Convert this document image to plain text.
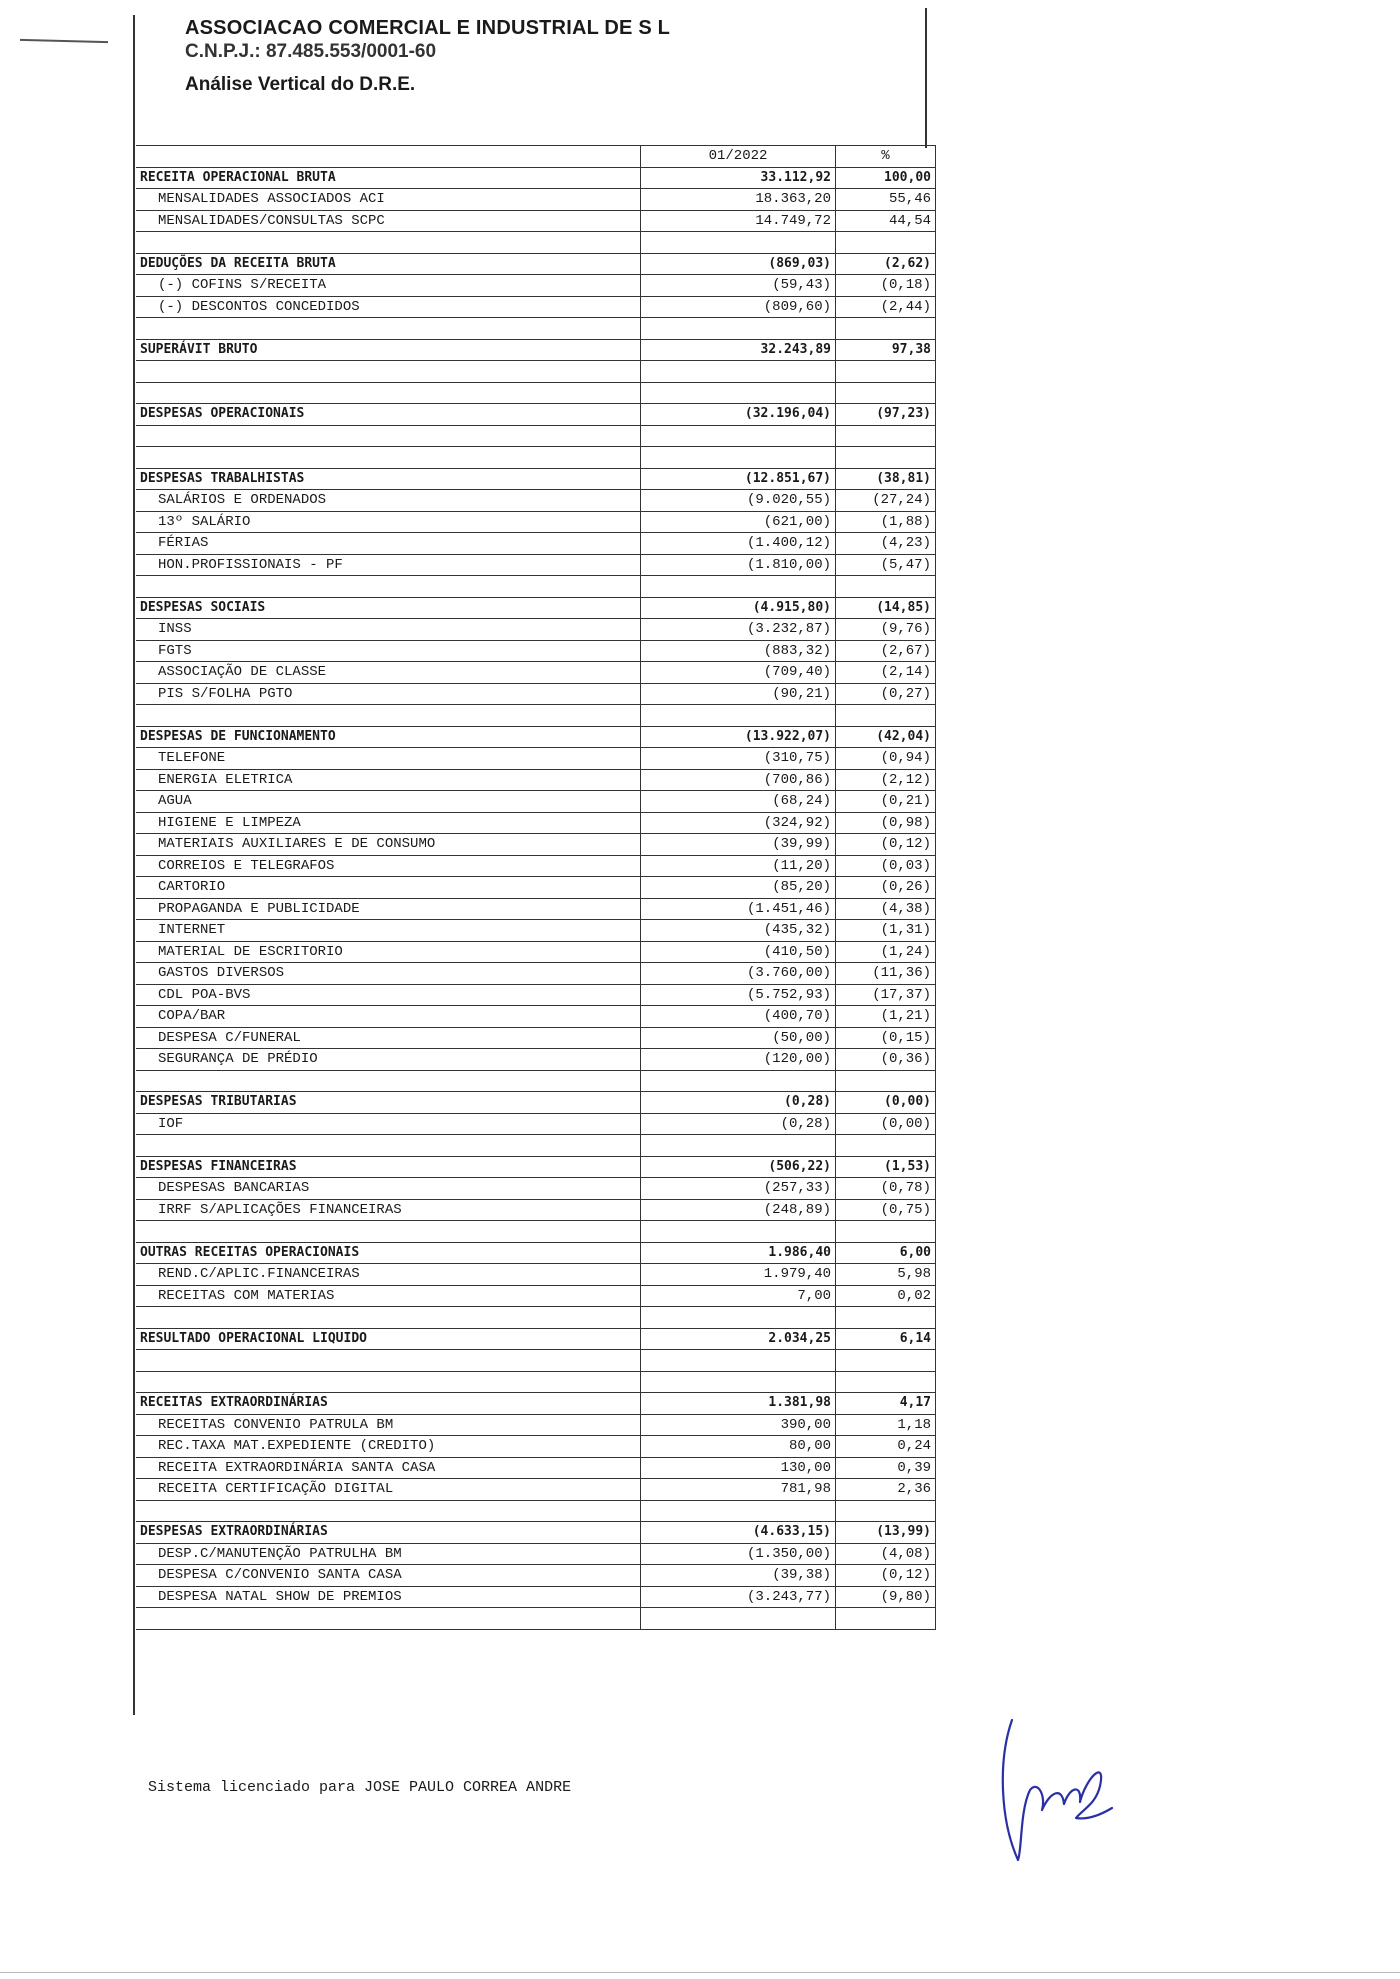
ASSOCIACAO COMERCIAL E INDUSTRIAL DE S L
C.N.P.J.: 87.485.553/0001-60
Análise Vertical do D.R.E.
	01/2022	%
RECEITA OPERACIONAL BRUTA	33.112,92	100,00
MENSALIDADES ASSOCIADOS ACI	18.363,20	55,46
MENSALIDADES/CONSULTAS SCPC	14.749,72	44,54

DEDUÇÕES DA RECEITA BRUTA	(869,03)	(2,62)
(-) COFINS S/RECEITA	(59,43)	(0,18)
(-) DESCONTOS CONCEDIDOS	(809,60)	(2,44)

SUPERÁVIT BRUTO	32.243,89	97,38

DESPESAS OPERACIONAIS	(32.196,04)	(97,23)

DESPESAS TRABALHISTAS	(12.851,67)	(38,81)
SALÁRIOS E ORDENADOS	(9.020,55)	(27,24)
13º SALÁRIO	(621,00)	(1,88)
FÉRIAS	(1.400,12)	(4,23)
HON.PROFISSIONAIS - PF	(1.810,00)	(5,47)

DESPESAS SOCIAIS	(4.915,80)	(14,85)
INSS	(3.232,87)	(9,76)
FGTS	(883,32)	(2,67)
ASSOCIAÇÃO DE CLASSE	(709,40)	(2,14)
PIS S/FOLHA PGTO	(90,21)	(0,27)

DESPESAS DE FUNCIONAMENTO	(13.922,07)	(42,04)
TELEFONE	(310,75)	(0,94)
ENERGIA ELETRICA	(700,86)	(2,12)
AGUA	(68,24)	(0,21)
HIGIENE E LIMPEZA	(324,92)	(0,98)
MATERIAIS AUXILIARES E DE CONSUMO	(39,99)	(0,12)
CORREIOS E TELEGRAFOS	(11,20)	(0,03)
CARTORIO	(85,20)	(0,26)
PROPAGANDA E PUBLICIDADE	(1.451,46)	(4,38)
INTERNET	(435,32)	(1,31)
MATERIAL DE ESCRITORIO	(410,50)	(1,24)
GASTOS DIVERSOS	(3.760,00)	(11,36)
CDL POA-BVS	(5.752,93)	(17,37)
COPA/BAR	(400,70)	(1,21)
DESPESA C/FUNERAL	(50,00)	(0,15)
SEGURANÇA DE PRÉDIO	(120,00)	(0,36)

DESPESAS TRIBUTARIAS	(0,28)	(0,00)
IOF	(0,28)	(0,00)

DESPESAS FINANCEIRAS	(506,22)	(1,53)
DESPESAS BANCARIAS	(257,33)	(0,78)
IRRF S/APLICAÇÕES FINANCEIRAS	(248,89)	(0,75)

OUTRAS RECEITAS OPERACIONAIS	1.986,40	6,00
REND.C/APLIC.FINANCEIRAS	1.979,40	5,98
RECEITAS COM MATERIAS	7,00	0,02

RESULTADO OPERACIONAL LIQUIDO	2.034,25	6,14

RECEITAS EXTRAORDINÁRIAS	1.381,98	4,17
RECEITAS CONVENIO PATRULA BM	390,00	1,18
REC.TAXA MAT.EXPEDIENTE (CREDITO)	80,00	0,24
RECEITA EXTRAORDINÁRIA SANTA CASA	130,00	0,39
RECEITA CERTIFICAÇÃO DIGITAL	781,98	2,36

DESPESAS EXTRAORDINÁRIAS	(4.633,15)	(13,99)
DESP.C/MANUTENÇÃO PATRULHA BM	(1.350,00)	(4,08)
DESPESA C/CONVENIO SANTA CASA	(39,38)	(0,12)
DESPESA NATAL SHOW DE PREMIOS	(3.243,77)	(9,80)

Sistema licenciado para JOSE PAULO CORREA ANDRE
